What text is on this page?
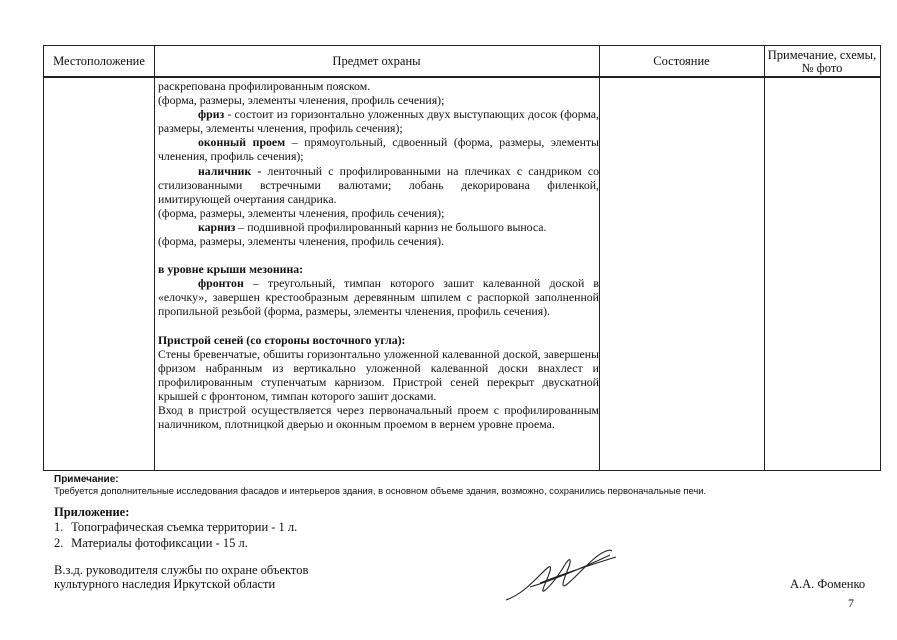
Местоположение	Предмет охраны	Состояние	Примечание, схемы, № фото

раскрепована профилированным пояском.

(форма, размеры, элементы членения, профиль сечения);

фриз - состоит из горизонтально уложенных двух выступающих досок (форма, размеры, элементы членения, профиль сечения);

оконный проем – прямоугольный, сдвоенный (форма, размеры, элементы членения, профиль сечения);

наличник - ленточный с профилированными на плечиках с сандриком со стилизованными встречными валютами; лобань декорирована филенкой, имитирующей очертания сандрика.

(форма, размеры, элементы членения, профиль сечения);

карниз – подшивной профилированный карниз не большого выноса.

(форма, размеры, элементы членения, профиль сечения).

в уровне крыши мезонина:

фронтон – треугольный, тимпан которого зашит калеванной доской в «елочку», завершен крестообразным деревянным шпилем с распоркой заполненной пропильной резьбой (форма, размеры, элементы членения, профиль сечения).

Пристрой сеней (со стороны восточного угла):

Стены бревенчатые, обшиты горизонтально уложенной калеванной доской, завершены фризом набранным из вертикально уложенной калеванной доски внахлест и профилированным ступенчатым карнизом. Пристрой сеней перекрыт двускатной крышей с фронтоном, тимпан которого зашит досками.

Вход в пристрой осуществляется через первоначальный проем с профилированным наличником, плотницкой дверью и оконным проемом в вернем уровне проема.

Примечание:
Требуется дополнительные исследования фасадов и интерьеров здания, в основном объеме здания, возможно, сохранились первоначальные печи.
Приложение:
1. Топографическая съемка территории - 1 л.
2. Материалы фотофиксации - 15 л.
В.з.д. руководителя службы по охране объектов
культурного наследия Иркутской области	А.А. Фоменко
7
